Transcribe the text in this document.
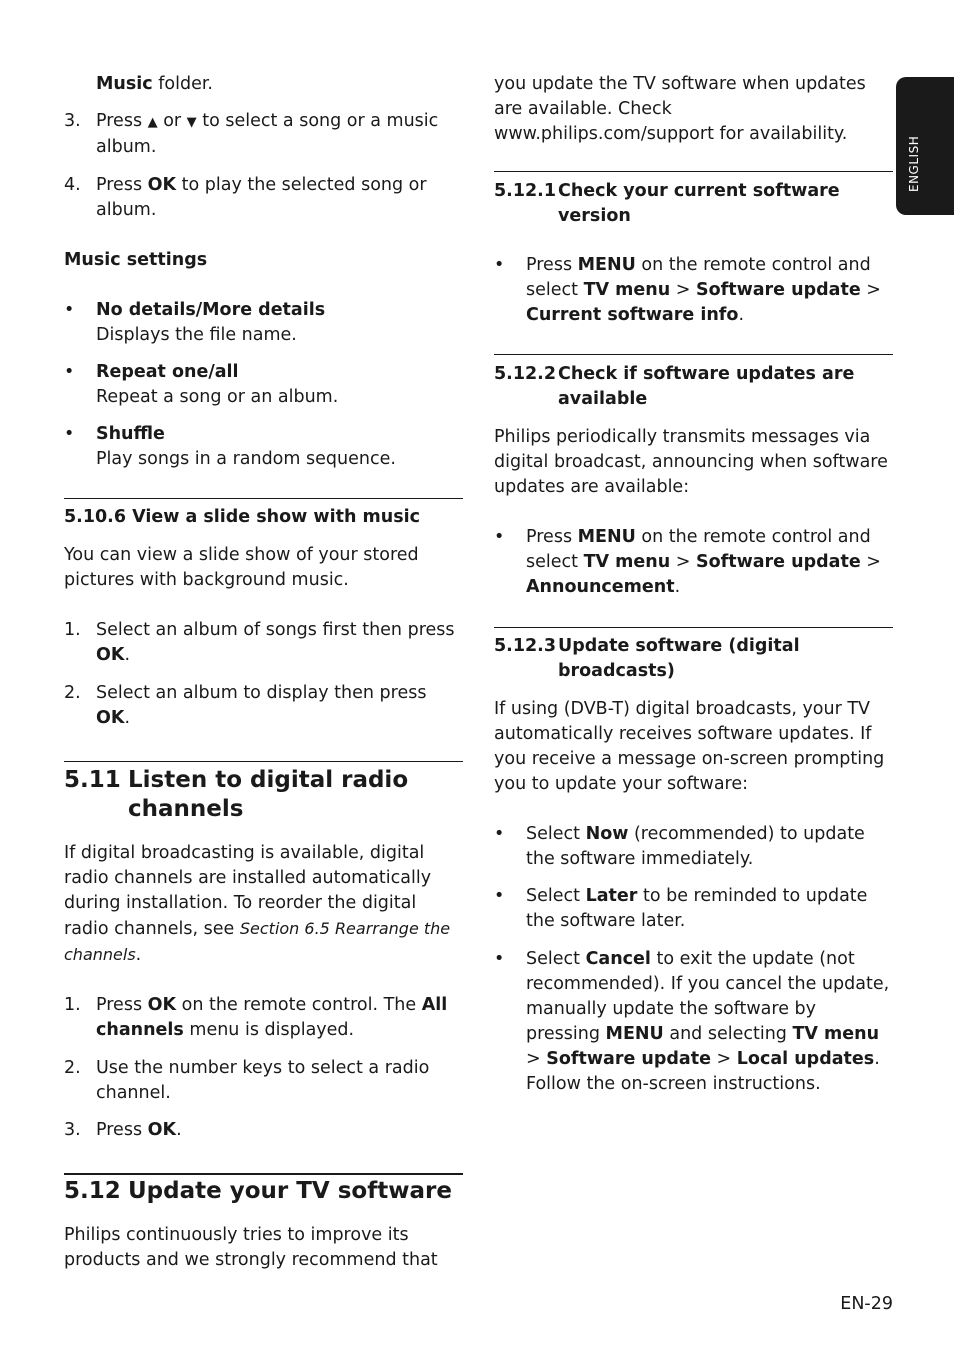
ENGLISH

Music folder.

3. Press ▲ or ▼ to select a song or a music album.

4. Press OK to play the selected song or album.

Music settings

• No details/More details
Displays the file name.
• Repeat one/all
Repeat a song or an album.
• Shuffle
Play songs in a random sequence.

5.10.6 View a slide show with music

You can view a slide show of your stored pictures with background music.

1. Select an album of songs first then press OK.

2. Select an album to display then press OK.

5.11 Listen to digital radio channels

If digital broadcasting is available, digital radio channels are installed automatically during installation. To reorder the digital radio channels, see Section 6.5 Rearrange the channels.

1. Press OK on the remote control. The All channels menu is displayed.

2. Use the number keys to select a radio channel.

3. Press OK.

5.12 Update your TV software

Philips continuously tries to improve its products and we strongly recommend that

you update the TV software when updates are available. Check www.philips.com/support for availability.

5.12.1 Check your current software version

• Press MENU on the remote control and select TV menu > Software update > Current software info.

5.12.2 Check if software updates are available

Philips periodically transmits messages via digital broadcast, announcing when software updates are available:

• Press MENU on the remote control and select TV menu > Software update > Announcement.

5.12.3 Update software (digital broadcasts)

If using (DVB-T) digital broadcasts, your TV automatically receives software updates. If you receive a message on-screen prompting you to update your software:

• Select Now (recommended) to update the software immediately.

• Select Later to be reminded to update the software later.

• Select Cancel to exit the update (not recommended). If you cancel the update, manually update the software by pressing MENU and selecting TV menu > Software update > Local updates. Follow the on-screen instructions.

EN-29
